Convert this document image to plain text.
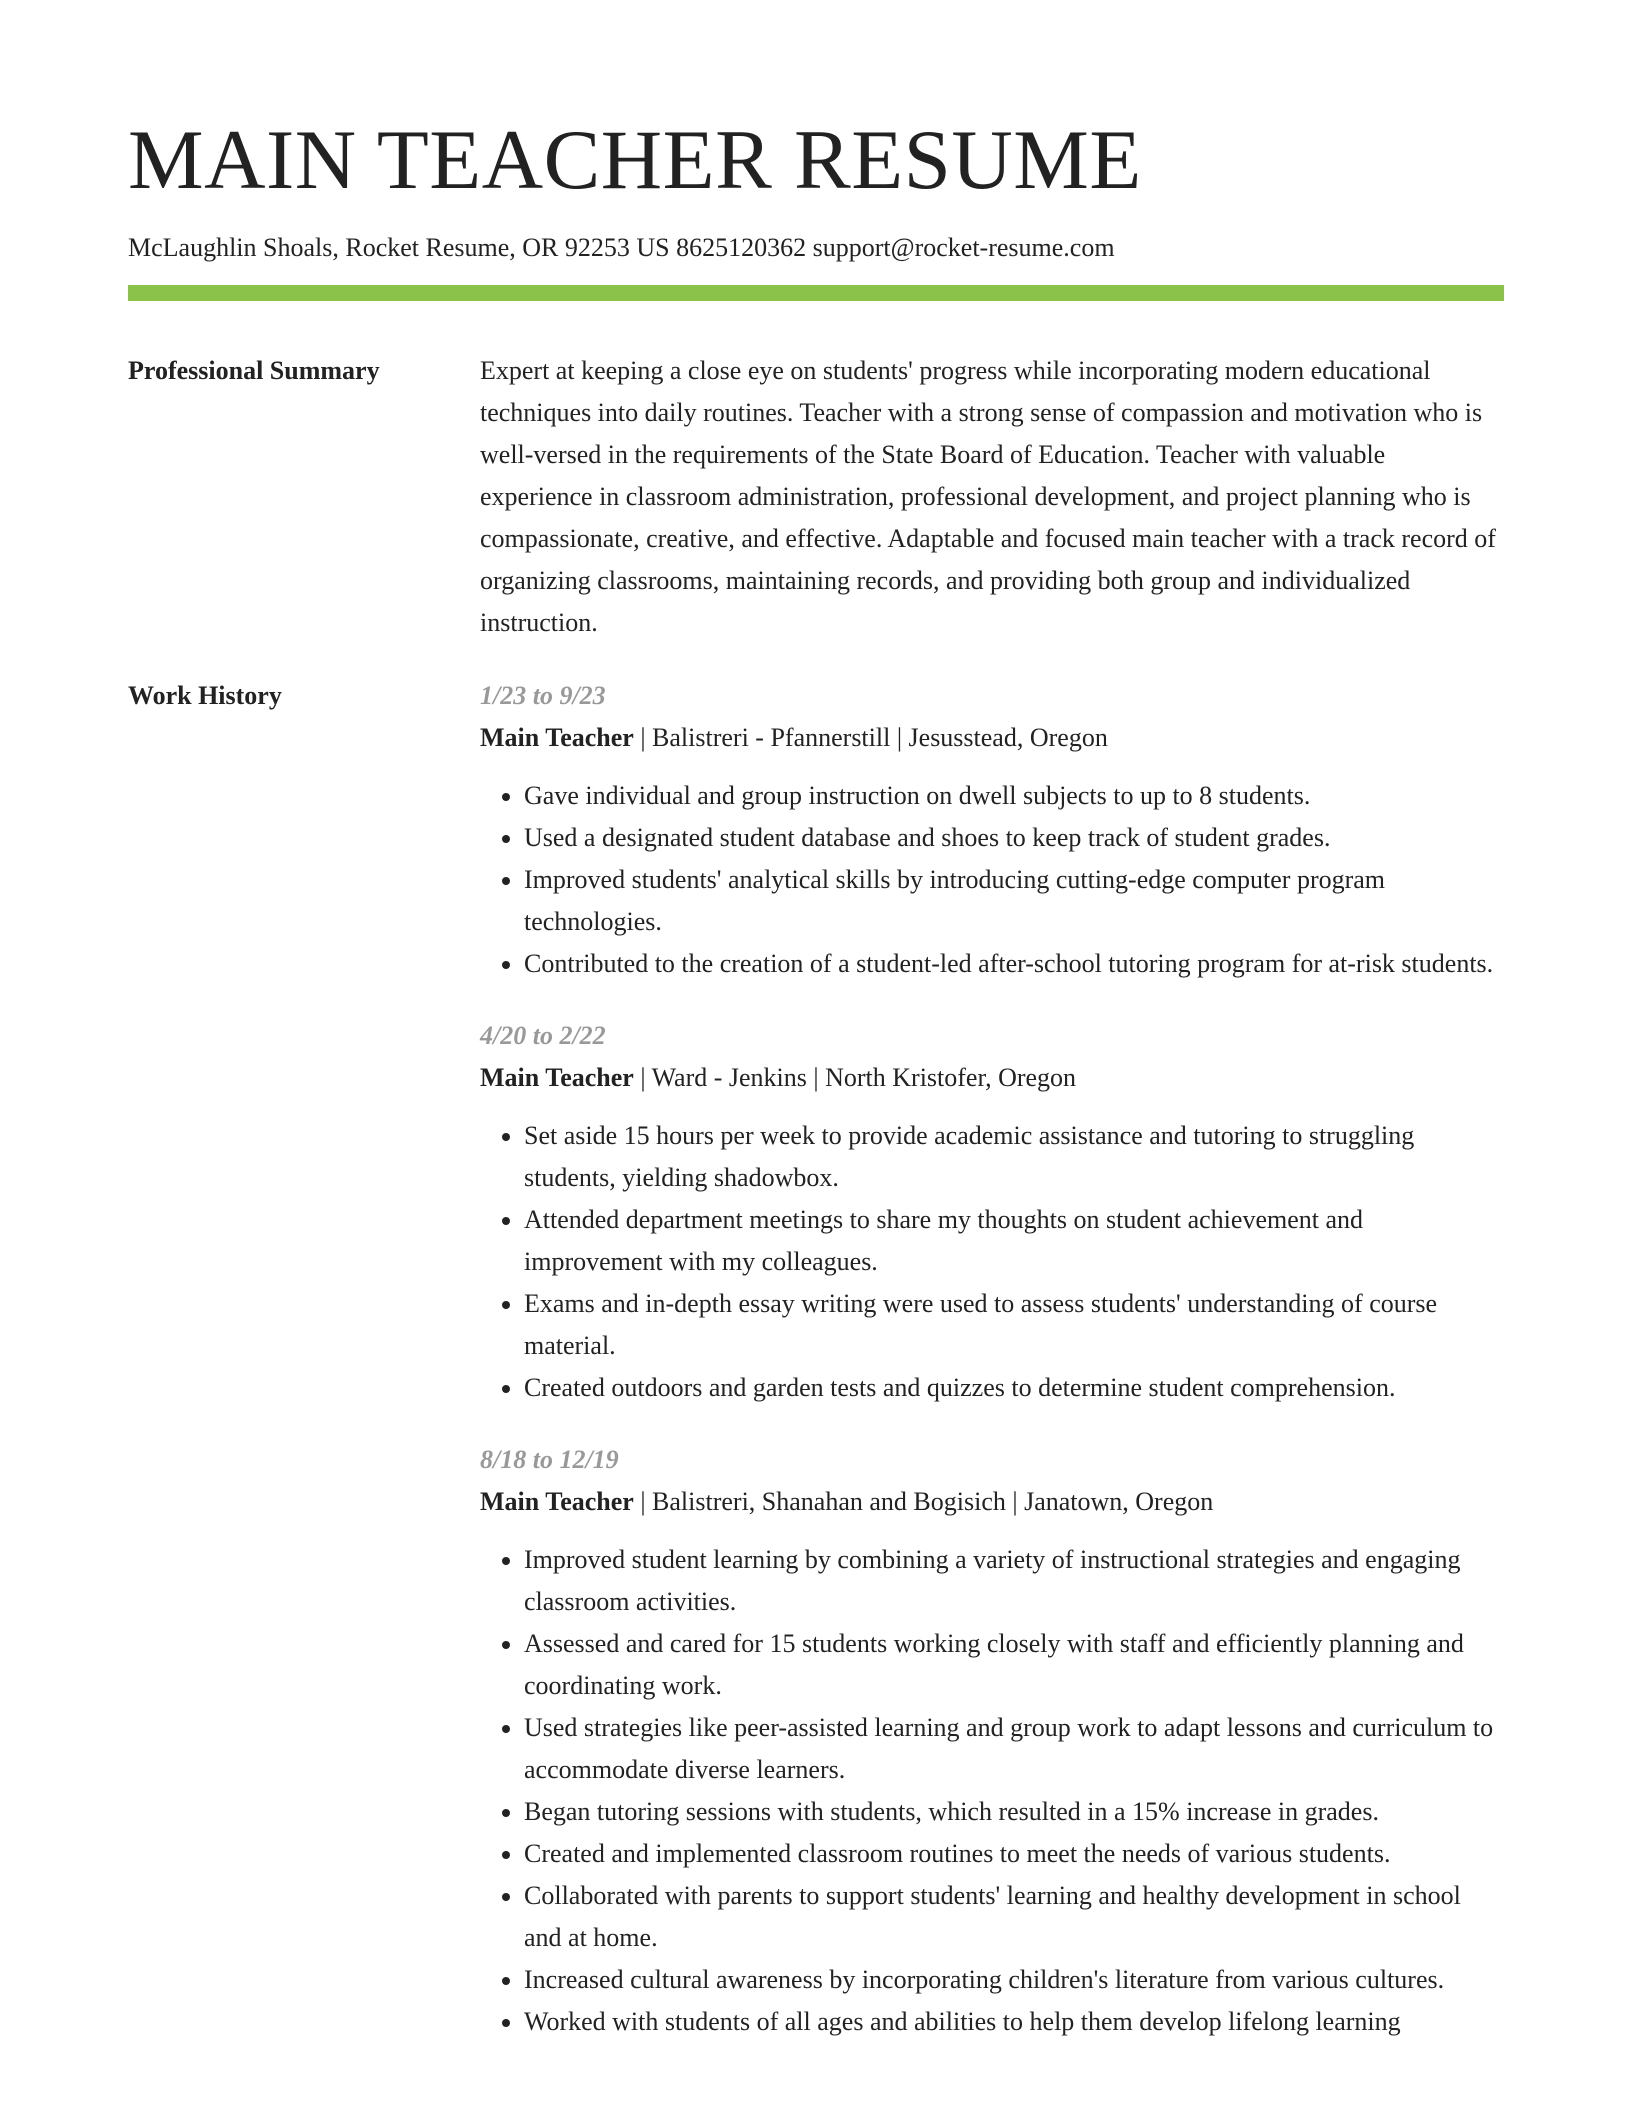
MAIN TEACHER RESUME
McLaughlin Shoals, Rocket Resume, OR 92253 US 8625120362 support@rocket-resume.com
Professional Summary	Expert at keeping a close eye on students' progress while incorporating modern educational techniques into daily routines. Teacher with a strong sense of compassion and motivation who is well-versed in the requirements of the State Board of Education. Teacher with valuable experience in classroom administration, professional development, and project planning who is compassionate, creative, and effective. Adaptable and focused main teacher with a track record of organizing classrooms, maintaining records, and providing both group and individualized instruction.

Work History	1/23 to 9/23
Main Teacher | Balistreri - Pfannerstill | Jesusstead, Oregon
• Gave individual and group instruction on dwell subjects to up to 8 students.
• Used a designated student database and shoes to keep track of student grades.
• Improved students' analytical skills by introducing cutting-edge computer program technologies.
• Contributed to the creation of a student-led after-school tutoring program for at-risk students.
4/20 to 2/22
Main Teacher | Ward - Jenkins | North Kristofer, Oregon
• Set aside 15 hours per week to provide academic assistance and tutoring to struggling students, yielding shadowbox.
• Attended department meetings to share my thoughts on student achievement and improvement with my colleagues.
• Exams and in-depth essay writing were used to assess students' understanding of course material.
• Created outdoors and garden tests and quizzes to determine student comprehension.
8/18 to 12/19
Main Teacher | Balistreri, Shanahan and Bogisich | Janatown, Oregon
• Improved student learning by combining a variety of instructional strategies and engaging classroom activities.
• Assessed and cared for 15 students working closely with staff and efficiently planning and coordinating work.
• Used strategies like peer-assisted learning and group work to adapt lessons and curriculum to accommodate diverse learners.
• Began tutoring sessions with students, which resulted in a 15% increase in grades.
• Created and implemented classroom routines to meet the needs of various students.
• Collaborated with parents to support students' learning and healthy development in school and at home.
• Increased cultural awareness by incorporating children's literature from various cultures.
• Worked with students of all ages and abilities to help them develop lifelong learning
